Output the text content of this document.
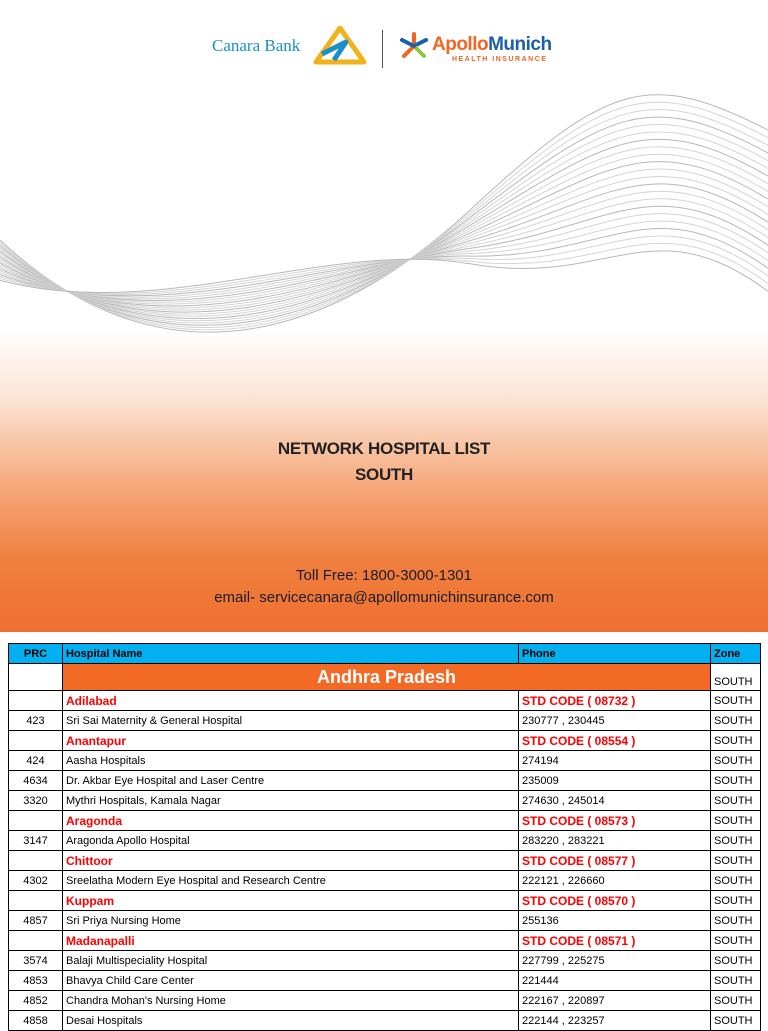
Canara Bank	ApolloMunich
HEALTH INSURANCE
NETWORK HOSPITAL LIST
SOUTH
Toll Free: 1800-3000-1301
email- servicecanara@apollomunichinsurance.com
PRC	Hospital Name	Phone	Zone
	Andhra Pradesh		SOUTH
	Adilabad	STD CODE ( 08732 )	SOUTH
423	Sri Sai Maternity & General Hospital	230777 , 230445	SOUTH
	Anantapur	STD CODE ( 08554 )	SOUTH
424	Aasha Hospitals	274194	SOUTH
4634	Dr. Akbar Eye Hospital and Laser Centre	235009	SOUTH
3320	Mythri Hospitals, Kamala Nagar	274630 , 245014	SOUTH
	Aragonda	STD CODE ( 08573 )	SOUTH
3147	Aragonda Apollo Hospital	283220 , 283221	SOUTH
	Chittoor	STD CODE ( 08577 )	SOUTH
4302	Sreelatha Modern Eye Hospital and Research Centre	222121 , 226660	SOUTH
	Kuppam	STD CODE ( 08570 )	SOUTH
4857	Sri Priya Nursing Home	255136	SOUTH
	Madanapalli	STD CODE ( 08571 )	SOUTH
3574	Balaji Multispeciality Hospital	227799 , 225275	SOUTH
4853	Bhavya Child Care Center	221444	SOUTH
4852	Chandra Mohan's Nursing Home	222167 , 220897	SOUTH
4858	Desai Hospitals	222144 , 223257	SOUTH
